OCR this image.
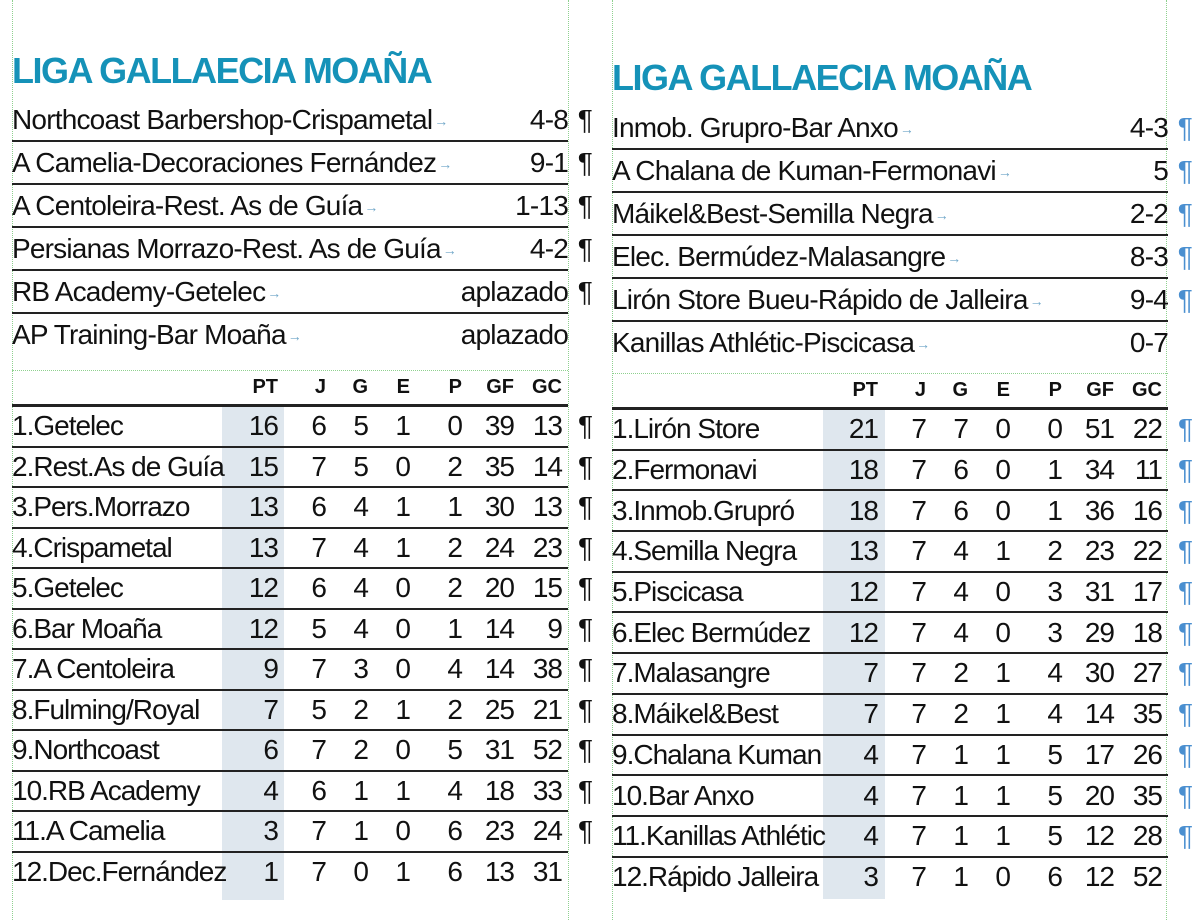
LIGA GALLAECIA MOAÑA
Northcoast Barbershop-Crispametal →	4-8 ¶
A Camelia-Decoraciones Fernández →	9-1 ¶
A Centoleira-Rest. As de Guía →	1-13 ¶
Persianas Morrazo-Rest. As de Guía →	4-2 ¶
RB Academy-Getelec →	aplazado ¶
AP Training-Bar Moaña →	aplazado
PT	J	G	E	P	GF GC
1.Getelec	16	6 5 1	0 39 13 ¶
2.Rest.As de Guía 15	7 5 0	2 35 14 ¶
3.Pers.Morrazo	13	6 4 1	1 30 13 ¶
4.Crispametal	13	7 4 1	2 24 23 ¶
5.Getelec	12	6 4 0	2 20 15 ¶
6.Bar Moaña	12	5 4 0	1 14	9 ¶
7.A Centoleira	9	7 3 0	4 14 38 ¶
8.Fulming/Royal	7	5 2 1	2 25 21 ¶
9.Northcoast	6	7 2 0	5 31 52 ¶
10.RB Academy	4	6 1 1	4 18 33 ¶
11.A Camelia	3	7 1 0	6 23 24 ¶
12.Dec.Fernández	1	7 0 1	6 13 31
LIGA GALLAECIA MOAÑA
Inmob. Grupro-Bar Anxo →	4-3 ¶
A Chalana de Kuman-Fermonavi →	5 ¶
Máikel&Best-Semilla Negra →	2-2 ¶
Elec. Bermúdez-Malasangre →	8-3 ¶
Lirón Store Bueu-Rápido de Jalleira →	9-4 ¶
Kanillas Athlétic-Piscicasa →	0-7
PT	J	G	E	P	GF GC
1.Lirón Store	21	7 7 0	0 51 22 ¶
2.Fermonavi	18	7 6 0	1 34 11 ¶
3.Inmob.Grupró	18	7 6 0	1 36 16 ¶
4.Semilla Negra	13	7 4 1	2 23 22 ¶
5.Piscicasa	12	7 4 0	3 31 17 ¶
6.Elec Bermúdez	12	7 4 0	3 29 18 ¶
7.Malasangre	7	7 2 1	4 30 27 ¶
8.Máikel&Best	7	7 2 1	4 14 35 ¶
9.Chalana Kuman	4	7 1 1	5 17 26 ¶
10.Bar Anxo	4	7 1 1	5 20 35 ¶
11.Kanillas Athlétic	4	7 1 1	5 12 28 ¶
12.Rápido Jalleira	3	7 1 0	6 12 52
